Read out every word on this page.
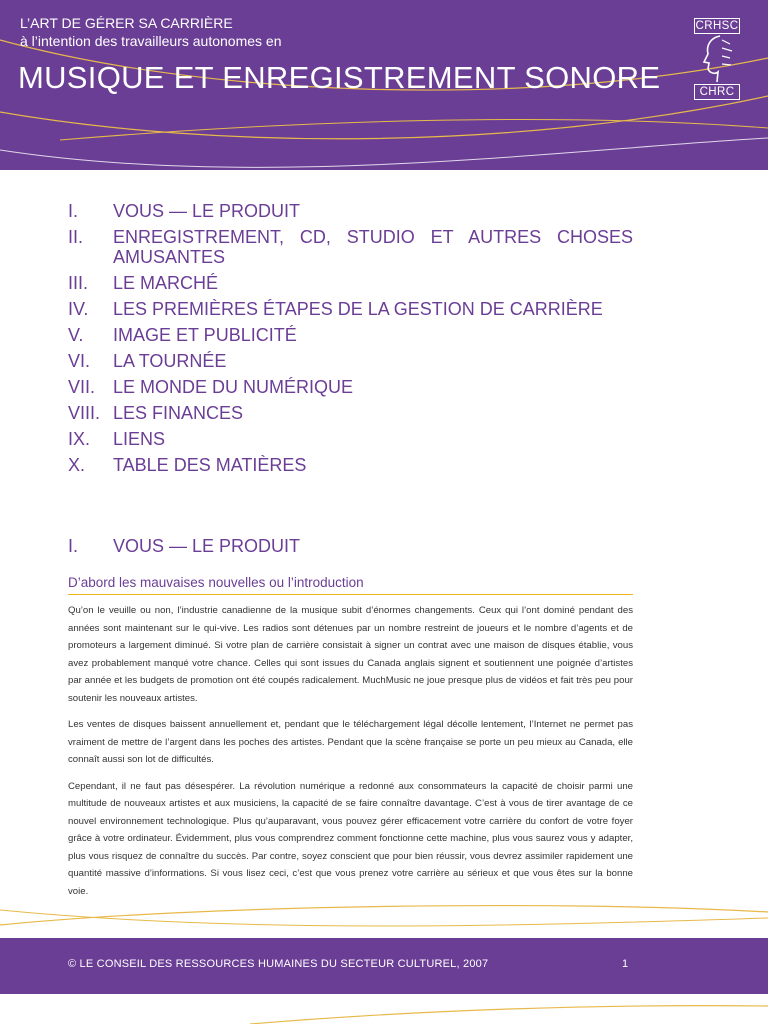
L’ART DE GÉRER SA CARRIÈRE
à l’intention des travailleurs autonomes en
MUSIQUE ET ENREGISTREMENT SONORE
CRHSC
CHRC
I.	VOUS — LE PRODUIT
II.	ENREGISTREMENT, CD, STUDIO ET AUTRES CHOSES AMUSANTES
III.	LE MARCHÉ
IV.	LES PREMIÈRES ÉTAPES DE LA GESTION DE CARRIÈRE
V.	IMAGE ET PUBLICITÉ
VI.	LA TOURNÉE
VII. LE MONDE DU NUMÉRIQUE
VIII. LES FINANCES
IX.	LIENS
X.	TABLE DES MATIÈRES
I.	VOUS — LE PRODUIT
D’abord les mauvaises nouvelles ou l’introduction

Qu’on le veuille ou non, l’industrie canadienne de la musique subit d’énormes changements. Ceux qui l’ont dominé pendant des années sont maintenant sur le qui-vive. Les radios sont détenues par un nombre restreint de joueurs et le nombre d’agents et de promoteurs a largement diminué. Si votre plan de carrière consistait à signer un contrat avec une maison de disques établie, vous avez probablement manqué votre chance. Celles qui sont issues du Canada anglais signent et soutiennent une poignée d’artistes par année et les budgets de promotion ont été coupés radicalement. MuchMusic ne joue presque plus de vidéos et fait très peu pour soutenir les nouveaux artistes.

Les ventes de disques baissent annuellement et, pendant que le téléchargement légal décolle lentement, l’Internet ne permet pas vraiment de mettre de l’argent dans les poches des artistes. Pendant que la scène française se porte un peu mieux au Canada, elle connaît aussi son lot de difficultés.

Cependant, il ne faut pas désespérer. La révolution numérique a redonné aux consommateurs la capacité de choisir parmi une multitude de nouveaux artistes et aux musiciens, la capacité de se faire connaître davantage. C’est à vous de tirer avantage de ce nouvel environnement technologique. Plus qu’auparavant, vous pouvez gérer efficacement votre carrière du confort de votre foyer grâce à votre ordinateur. Évidemment, plus vous comprendrez comment fonctionne cette machine, plus vous saurez vous y adapter, plus vous risquez de connaître du succès. Par contre, soyez conscient que pour bien réussir, vous devrez assimiler rapidement une quantité massive d’informations. Si vous lisez ceci, c’est que vous prenez votre carrière au sérieux et que vous êtes sur la bonne voie.

© LE CONSEIL DES RESSOURCES HUMAINES DU SECTEUR CULTUREL, 2007	1
